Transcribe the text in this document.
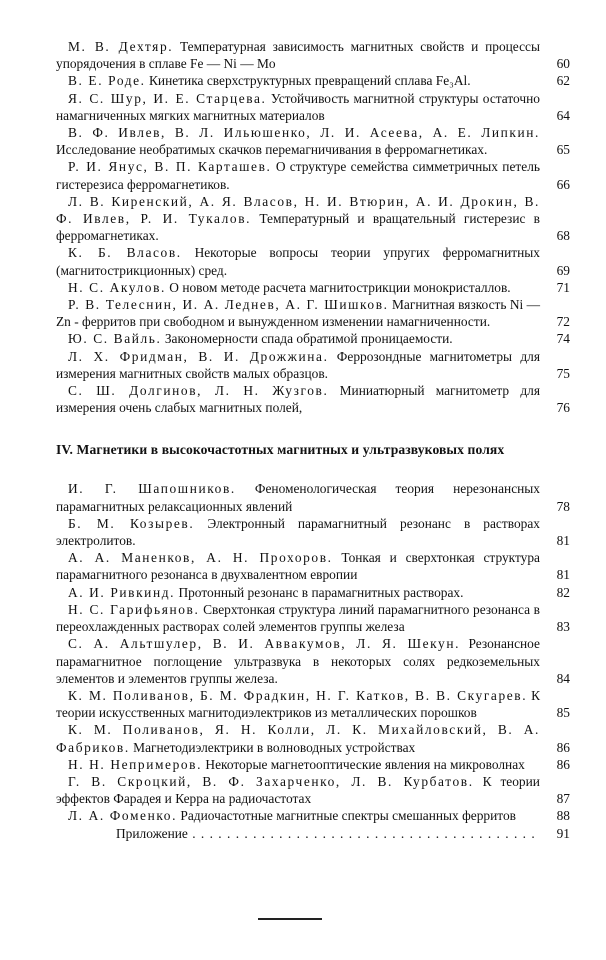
М. В. Дехтяр. Температурная зависимость магнитных свойств и процессы упорядочения в сплаве Fe — Ni — Mo	60
В. Е. Роде. Кинетика сверхструктурных превращений сплава Fe₃Al.	62
Я. С. Шур, И. Е. Старцева. Устойчивость магнитной структуры остаточно намагниченных мягких магнитных материалов	64
В. Ф. Ивлев, В. Л. Ильюшенко, Л. И. Асеева, А. Е. Липкин. Исследование необратимых скачков перемагничивания в ферромагнетиках.	65
Р. И. Янус, В. П. Карташев. О структуре семейства симметричных петель гистерезиса ферромагнетиков.	66
Л. В. Киренский, А. Я. Власов, Н. И. Втюрин, А. И. Дрокин, В. Ф. Ивлев, Р. И. Тукалов. Температурный и вращательный гистерезис в ферромагнетиках.	68
К. Б. Власов. Некоторые вопросы теории упругих ферромагнитных (магнитострикционных) сред.	69
Н. С. Акулов. О новом методе расчета магнитострикции монокристаллов.	71
Р. В. Телеснин, И. А. Леднев, А. Г. Шишков. Магнитная вязкость Ni — Zn - ферритов при свободном и вынужденном изменении намагниченности.	72
Ю. С. Вайль. Закономерности спада обратимой проницаемости.	74
Л. Х. Фридман, В. И. Дрожжина. Феррозондные магнитометры для измерения магнитных свойств малых образцов.	75
С. Ш. Долгинов, Л. Н. Жузгов. Миниатюрный магнитометр для измерения очень слабых магнитных полей,	76
IV. Магнетики в высокочастотных магнитных и ультразвуковых полях
И. Г. Шапошников. Феноменологическая теория нерезонансных парамагнитных релаксационных явлений	78
Б. М. Козырев. Электронный парамагнитный резонанс в растворах электролитов.	81
А. А. Маненков, А. Н. Прохоров. Тонкая и сверхтонкая структура парамагнитного резонанса в двухвалентном европии	81
А. И. Ривкинд. Протонный резонанс в парамагнитных растворах.	82
Н. С. Гарифьянов. Сверхтонкая структура линий парамагнитного резонанса в переохлажденных растворах солей элементов группы железа	83
С. А. Альтшулер, В. И. Аввакумов, Л. Я. Шекун. Резонансное парамагнитное поглощение ультразвука в некоторых солях редкоземельных элементов и элементов группы железа.	84
К. М. Поливанов, Б. М. Фрадкин, Н. Г. Катков, В. В. Скугарев. К теории искусственных магнитодиэлектриков из металлических порошков	85
К. М. Поливанов, Я. Н. Колли, Л. К. Михайловский, В. А. Фабриков. Магнетодиэлектрики в волноводных устройствах	86
Н. Н. Непримеров. Некоторые магнетооптические явления на микроволнах	86
Г. В. Скроцкий, В. Ф. Захарченко, Л. В. Курбатов. К теории эффектов Фарадея и Керра на радиочастотах	87
Л. А. Фоменко. Радиочастотные магнитные спектры смешанных ферритов	88
Приложение . . .	91
